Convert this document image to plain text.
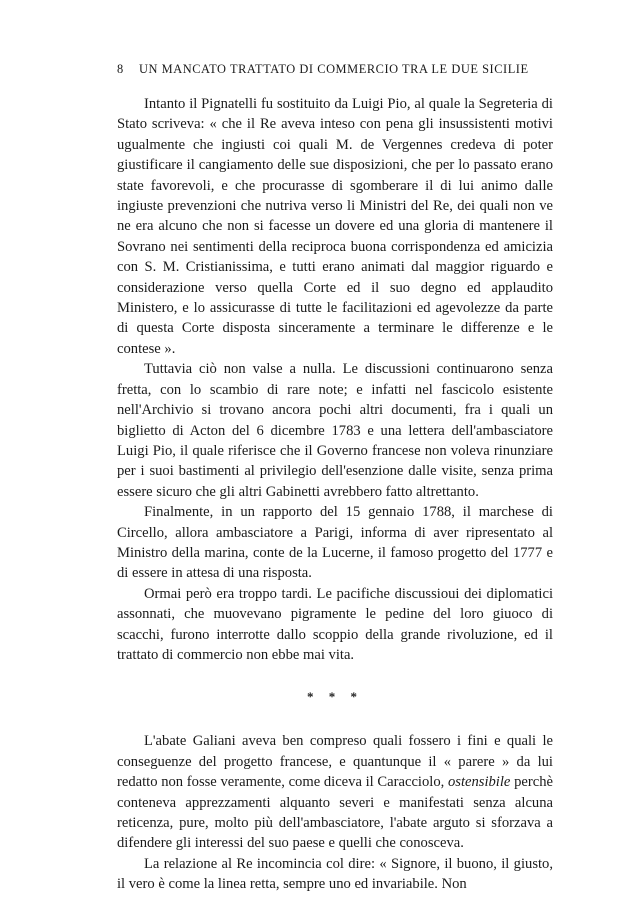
8	UN MANCATO TRATTATO DI COMMERCIO TRA LE DUE SICILIE

Intanto il Pignatelli fu sostituito da Luigi Pio, al quale la Segreteria di Stato scriveva: « che il Re aveva inteso con pena gli insussistenti motivi ugualmente che ingiusti coi quali M. de Vergennes credeva di poter giustificare il cangiamento delle sue disposizioni, che per lo passato erano state favorevoli, e che procurasse di sgomberare il di lui animo dalle ingiuste prevenzioni che nutriva verso li Ministri del Re, dei quali non ve ne era alcuno che non si facesse un dovere ed una gloria di mantenere il Sovrano nei sentimenti della reciproca buona corrispondenza ed amicizia con S. M. Cristianissima, e tutti erano animati dal maggior riguardo e considerazione verso quella Corte ed il suo degno ed applaudito Ministero, e lo assicurasse di tutte le facilitazioni ed agevolezze da parte di questa Corte disposta sinceramente a terminare le differenze e le contese ».

Tuttavia ciò non valse a nulla. Le discussioni continuarono senza fretta, con lo scambio di rare note; e infatti nel fascicolo esistente nell'Archivio si trovano ancora pochi altri documenti, fra i quali un biglietto di Acton del 6 dicembre 1783 e una lettera dell'ambasciatore Luigi Pio, il quale riferisce che il Governo francese non voleva rinunziare per i suoi bastimenti al privilegio dell'esenzione dalle visite, senza prima essere sicuro che gli altri Gabinetti avrebbero fatto altrettanto.

Finalmente, in un rapporto del 15 gennaio 1788, il marchese di Circello, allora ambasciatore a Parigi, informa di aver ripresentato al Ministro della marina, conte de la Lucerne, il famoso progetto del 1777 e di essere in attesa di una risposta.

Ormai però era troppo tardi. Le pacifiche discussioui dei diplomatici assonnati, che muovevano pigramente le pedine del loro giuoco di scacchi, furono interrotte dallo scoppio della grande rivoluzione, ed il trattato di commercio non ebbe mai vita.

* * *

L'abate Galiani aveva ben compreso quali fossero i fini e quali le conseguenze del progetto francese, e quantunque il « parere » da lui redatto non fosse veramente, come diceva il Caracciolo, ostensibile perchè conteneva apprezzamenti alquanto severi e manifestati senza alcuna reticenza, pure, molto più dell'ambasciatore, l'abate arguto si sforzava a difendere gli interessi del suo paese e quelli che conosceva.

La relazione al Re incomincia col dire: « Signore, il buono, il giusto, il vero è come la linea retta, sempre uno ed invariabile. Non
